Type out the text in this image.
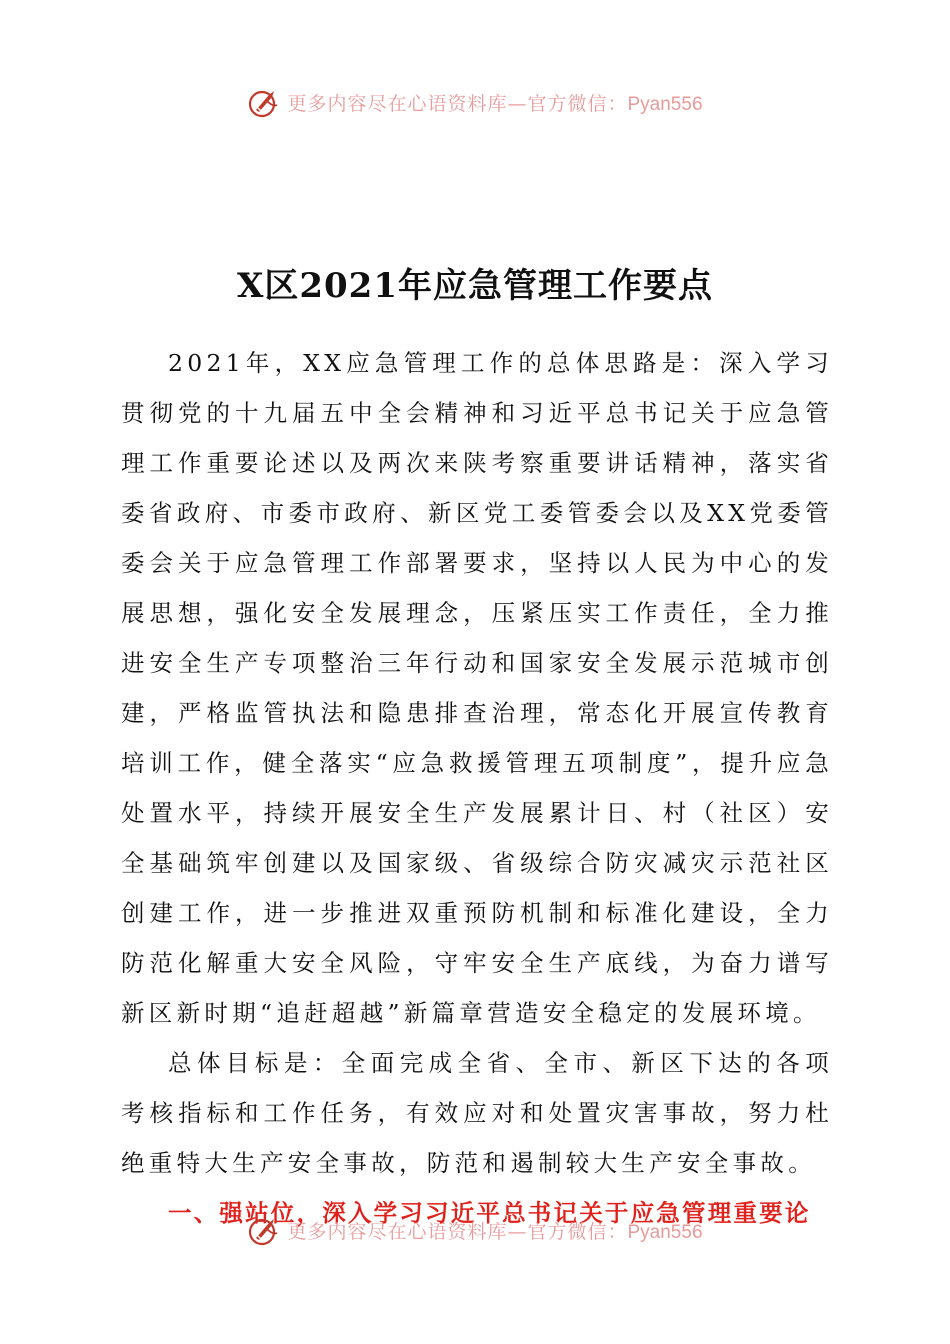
更多内容尽在心语资料库—官方微信：Pyan556
X区2021年应急管理工作要点

2021年，XX应急管理工作的总体思路是：深入学习贯彻党的十九届五中全会精神和习近平总书记关于应急管理工作重要论述以及两次来陕考察重要讲话精神，落实省委省政府、市委市政府、新区党工委管委会以及XX党委管委会关于应急管理工作部署要求，坚持以人民为中心的发展思想，强化安全发展理念，压紧压实工作责任，全力推进安全生产专项整治三年行动和国家安全发展示范城市创建，严格监管执法和隐患排查治理，常态化开展宣传教育培训工作，健全落实“应急救援管理五项制度”，提升应急处置水平，持续开展安全生产发展累计日、村（社区）安全基础筑牢创建以及国家级、省级综合防灾减灾示范社区创建工作，进一步推进双重预防机制和标准化建设，全力防范化解重大安全风险，守牢安全生产底线，为奋力谱写新区新时期“追赶超越”新篇章营造安全稳定的发展环境。

总体目标是：全面完成全省、全市、新区下达的各项考核指标和工作任务，有效应对和处置灾害事故，努力杜绝重特大生产安全事故，防范和遏制较大生产安全事故。

一、强站位，深入学习习近平总书记关于应急管理重要论

更多内容尽在心语资料库—官方微信：Pyan556
